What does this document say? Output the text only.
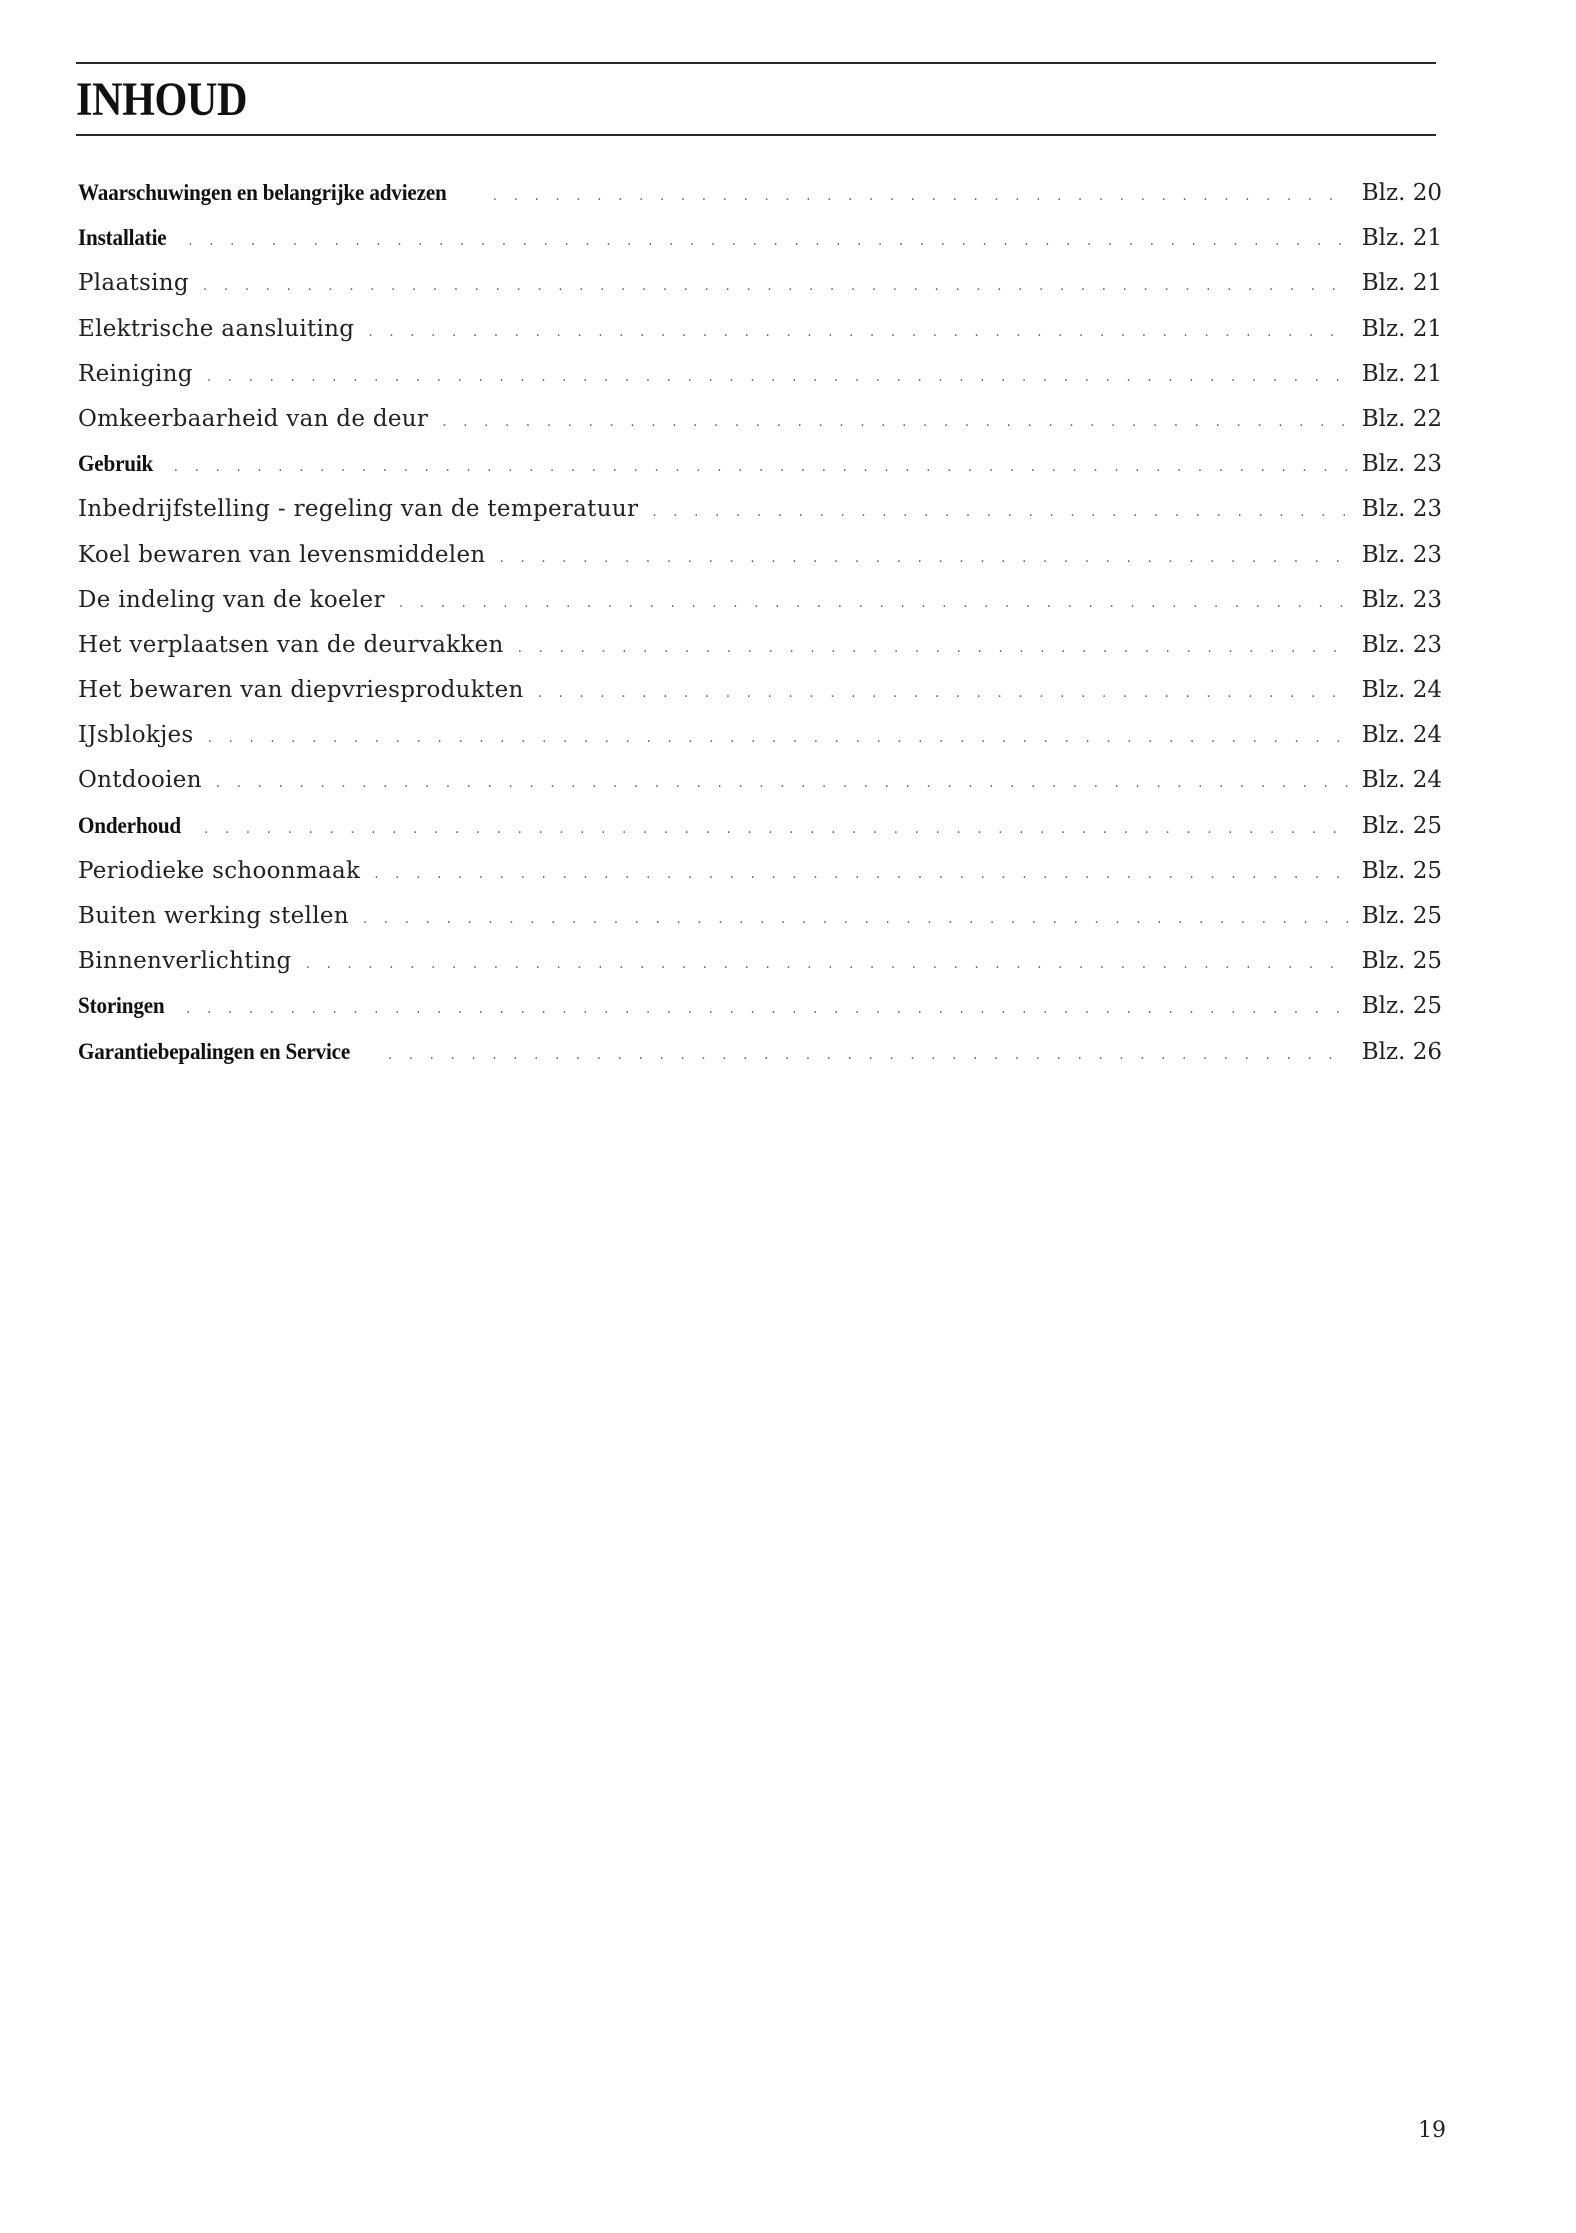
INHOUD
Waarschuwingen en belangrijke adviezen . . .	Blz. 20
Installatie . . .	Blz. 21
Plaatsing . . .	Blz. 21
Elektrische aansluiting . . .	Blz. 21
Reiniging . . .	Blz. 21
Omkeerbaarheid van de deur . . .	Blz. 22
Gebruik . . .	Blz. 23
Inbedrijfstelling - regeling van de temperatuur . . .	Blz. 23
Koel bewaren van levensmiddelen . . .	Blz. 23
De indeling van de koeler . . .	Blz. 23
Het verplaatsen van de deurvakken . . .	Blz. 23
Het bewaren van diepvriesprodukten . . .	Blz. 24
IJsblokjes . . .	Blz. 24
Ontdooien . . .	Blz. 24
Onderhoud . . .	Blz. 25
Periodieke schoonmaak . . .	Blz. 25
Buiten werking stellen . . .	Blz. 25
Binnenverlichting . . .	Blz. 25
Storingen . . .	Blz. 25
Garantiebepalingen en Service . . .	Blz. 26
19
